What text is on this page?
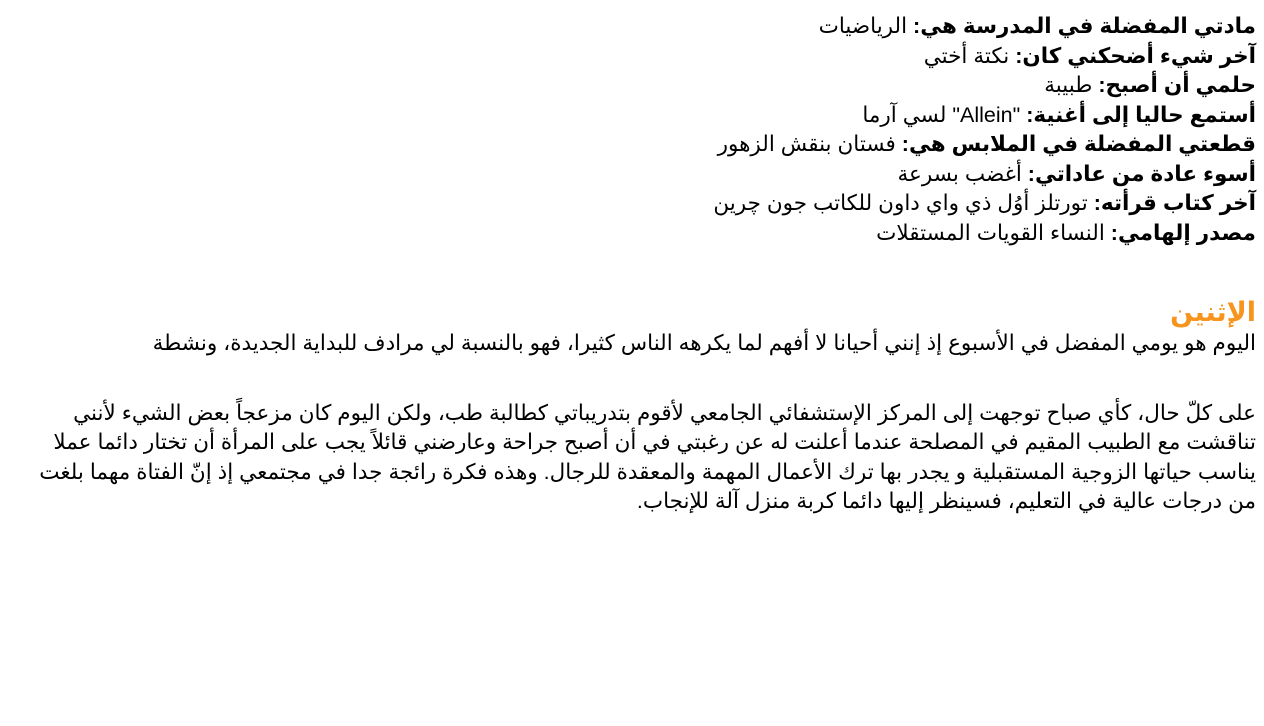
مادتي المفضلة في المدرسة هي: الرياضيات
آخر شيء أضحكني كان: نكتة أختي
حلمي أن أصبح: طبيبة
أستمع حاليا إلى أغنية: "Allein" لسي آرما
قطعتي المفضلة في الملابس هي: فستان بنقش الزهور
أسوء عادة من عاداتي: أغضب بسرعة
آخر كتاب قرأته: تورتلز أوُل ذي واي داون للكاتب جون چرين
مصدر إلهامي: النساء القويات المستقلات
الإثنين

اليوم هو يومي المفضل في الأسبوع إذ إنني أحيانا لا أفهم لما يكرهه الناس كثيرا، فهو بالنسبة لي مرادف للبداية الجديدة، ونشطة

على كلّ حال، كأي صباح توجهت إلى المركز الإستشفائي الجامعي لأقوم بتدريباتي كطالبة طب، ولكن اليوم كان مزعجاً بعض الشيء لأنني تناقشت مع الطبيب المقيم في المصلحة عندما أعلنت له عن رغبتي في أن أصبح جراحة وعارضني قائلاً يجب على المرأة أن تختار دائما عملا يناسب حياتها الزوجية المستقبلية و يجدر بها ترك الأعمال المهمة والمعقدة للرجال. وهذه فكرة رائجة جدا في مجتمعي إذ إنّ الفتاة مهما بلغت من درجات عالية في التعليم، فسينظر إليها دائما كربة منزل آلة للإنجاب.
